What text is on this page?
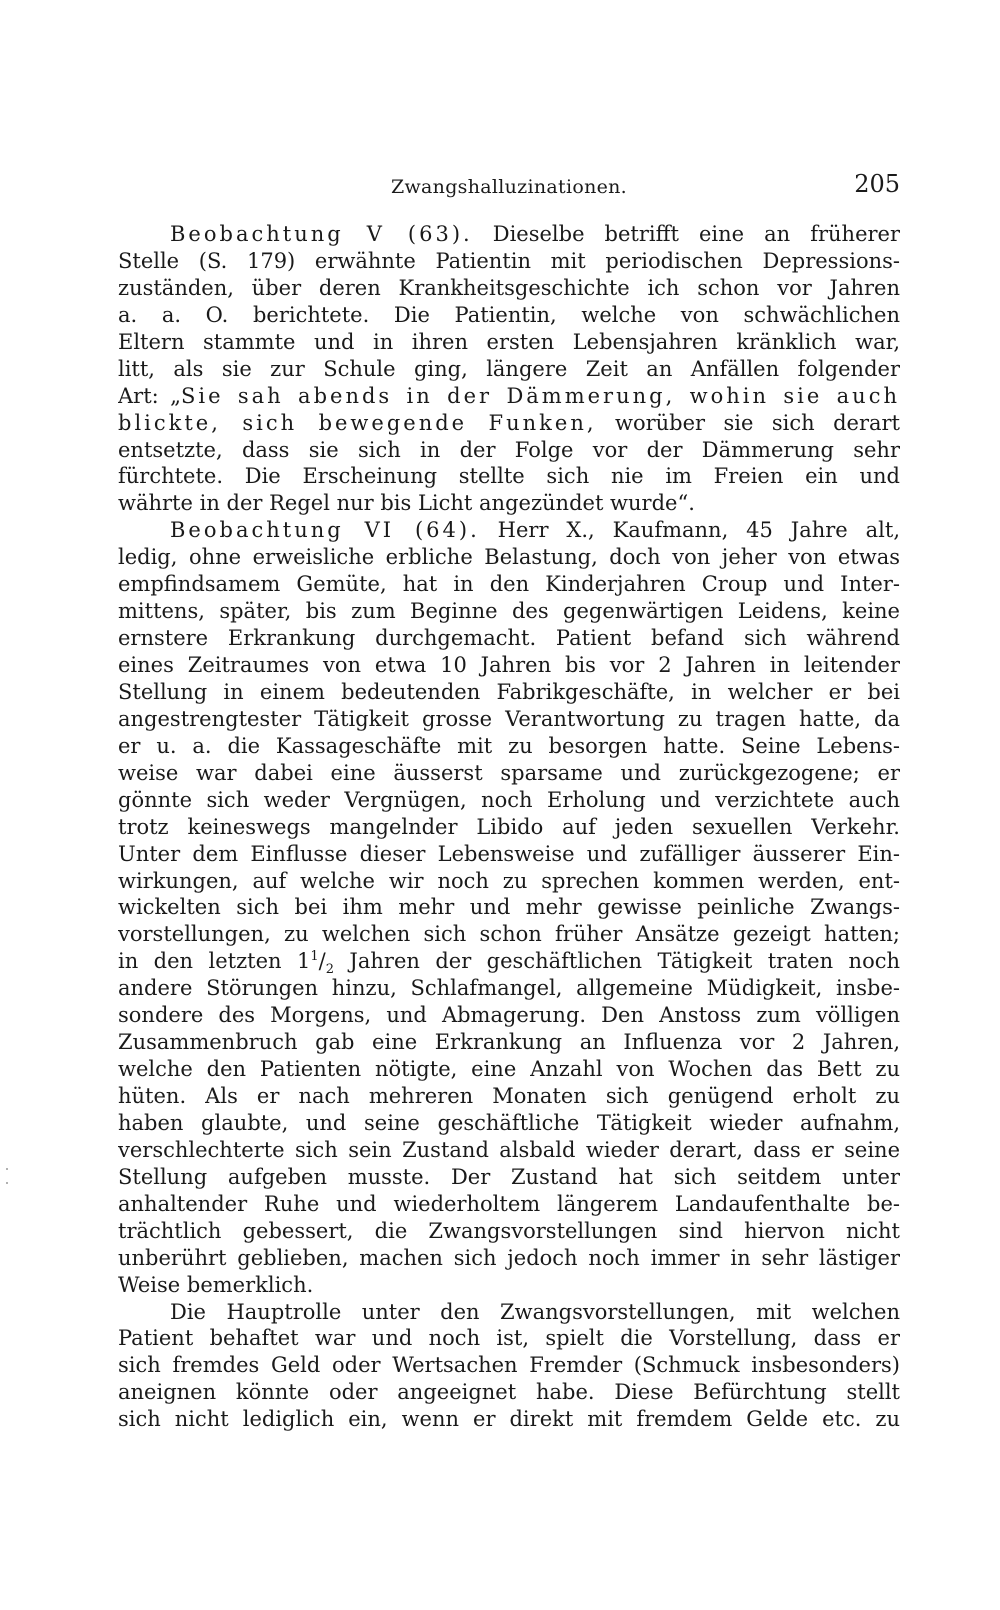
Zwangshalluzinationen.	205
Beobachtung V (63). Dieselbe betrifft eine an früherer
Stelle (S. 179) erwähnte Patientin mit periodischen Depressions-
zuständen, über deren Krankheitsgeschichte ich schon vor Jahren
a. a. O. berichtete. Die Patientin, welche von schwächlichen
Eltern stammte und in ihren ersten Lebensjahren kränklich war,
litt, als sie zur Schule ging, längere Zeit an Anfällen folgender
Art: „Sie sah abends in der Dämmerung, wohin sie auch
blickte, sich bewegende Funken, worüber sie sich derart
entsetzte, dass sie sich in der Folge vor der Dämmerung sehr
fürchtete. Die Erscheinung stellte sich nie im Freien ein und
währte in der Regel nur bis Licht angezündet wurde“.
Beobachtung VI (64). Herr X., Kaufmann, 45 Jahre alt,
ledig, ohne erweisliche erbliche Belastung, doch von jeher von etwas
empfindsamem Gemüte, hat in den Kinderjahren Croup und Inter-
mittens, später, bis zum Beginne des gegenwärtigen Leidens, keine
ernstere Erkrankung durchgemacht. Patient befand sich während
eines Zeitraumes von etwa 10 Jahren bis vor 2 Jahren in leitender
Stellung in einem bedeutenden Fabrikgeschäfte, in welcher er bei
angestrengtester Tätigkeit grosse Verantwortung zu tragen hatte, da
er u. a. die Kassageschäfte mit zu besorgen hatte. Seine Lebens-
weise war dabei eine äusserst sparsame und zurückgezogene; er
gönnte sich weder Vergnügen, noch Erholung und verzichtete auch
trotz keineswegs mangelnder Libido auf jeden sexuellen Verkehr.
Unter dem Einflusse dieser Lebensweise und zufälliger äusserer Ein-
wirkungen, auf welche wir noch zu sprechen kommen werden, ent-
wickelten sich bei ihm mehr und mehr gewisse peinliche Zwangs-
vorstellungen, zu welchen sich schon früher Ansätze gezeigt hatten;
in den letzten $1^1/_2$ Jahren der geschäftlichen Tätigkeit traten noch
andere Störungen hinzu, Schlafmangel, allgemeine Müdigkeit, insbe-
sondere des Morgens, und Abmagerung. Den Anstoss zum völligen
Zusammenbruch gab eine Erkrankung an Influenza vor 2 Jahren,
welche den Patienten nötigte, eine Anzahl von Wochen das Bett zu
hüten. Als er nach mehreren Monaten sich genügend erholt zu
haben glaubte, und seine geschäftliche Tätigkeit wieder aufnahm,
verschlechterte sich sein Zustand alsbald wieder derart, dass er seine
Stellung aufgeben musste. Der Zustand hat sich seitdem unter
anhaltender Ruhe und wiederholtem längerem Landaufenthalte be-
trächtlich gebessert, die Zwangsvorstellungen sind hiervon nicht
unberührt geblieben, machen sich jedoch noch immer in sehr lästiger
Weise bemerklich.
Die Hauptrolle unter den Zwangsvorstellungen, mit welchen
Patient behaftet war und noch ist, spielt die Vorstellung, dass er
sich fremdes Geld oder Wertsachen Fremder (Schmuck insbesonders)
aneignen könnte oder angeeignet habe. Diese Befürchtung stellt
sich nicht lediglich ein, wenn er direkt mit fremdem Gelde etc. zu
